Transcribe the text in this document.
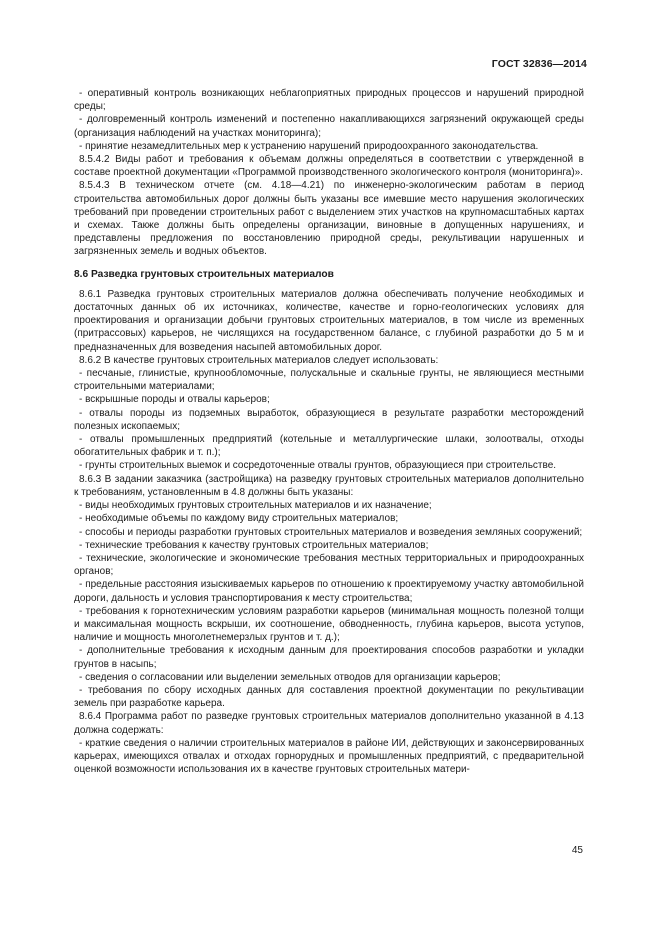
ГОСТ 32836—2014

- оперативный контроль возникающих неблагоприятных природных процессов и нарушений природной среды;

- долговременный контроль изменений и постепенно накапливающихся загрязнений окружающей среды (организация наблюдений на участках мониторинга);

- принятие незамедлительных мер к устранению нарушений природоохранного законодательства.

8.5.4.2 Виды работ и требования к объемам должны определяться в соответствии с утвержденной в составе проектной документации «Программой производственного экологического контроля (мониторинга)».

8.5.4.3 В техническом отчете (см. 4.18—4.21) по инженерно-экологическим работам в период строительства автомобильных дорог должны быть указаны все имевшие место нарушения экологических требований при проведении строительных работ с выделением этих участков на крупномасштабных картах и схемах. Также должны быть определены организации, виновные в допущенных нарушениях, и представлены предложения по восстановлению природной среды, рекультивации нарушенных и загрязненных земель и водных объектов.

8.6 Разведка грунтовых строительных материалов

8.6.1 Разведка грунтовых строительных материалов должна обеспечивать получение необходимых и достаточных данных об их источниках, количестве, качестве и горно-геологических условиях для проектирования и организации добычи грунтовых строительных материалов, в том числе из временных (притрассовых) карьеров, не числящихся на государственном балансе, с глубиной разработки до 5 м и предназначенных для возведения насыпей автомобильных дорог.

8.6.2 В качестве грунтовых строительных материалов следует использовать:

- песчаные, глинистые, крупнообломочные, полускальные и скальные грунты, не являющиеся местными строительными материалами;

- вскрышные породы и отвалы карьеров;

- отвалы породы из подземных выработок, образующиеся в результате разработки месторождений полезных ископаемых;

- отвалы промышленных предприятий (котельные и металлургические шлаки, золоотвалы, отходы обогатительных фабрик и т. п.);

- грунты строительных выемок и сосредоточенные отвалы грунтов, образующиеся при строительстве.

8.6.3 В задании заказчика (застройщика) на разведку грунтовых строительных материалов дополнительно к требованиям, установленным в 4.8 должны быть указаны:

- виды необходимых грунтовых строительных материалов и их назначение;

- необходимые объемы по каждому виду строительных материалов;

- способы и периоды разработки грунтовых строительных материалов и возведения земляных сооружений;

- технические требования к качеству грунтовых строительных материалов;

- технические, экологические и экономические требования местных территориальных и природоохранных органов;

- предельные расстояния изыскиваемых карьеров по отношению к проектируемому участку автомобильной дороги, дальность и условия транспортирования к месту строительства;

- требования к горнотехническим условиям разработки карьеров (минимальная мощность полезной толщи и максимальная мощность вскрыши, их соотношение, обводненность, глубина карьеров, высота уступов, наличие и мощность многолетнемерзлых грунтов и т. д.);

- дополнительные требования к исходным данным для проектирования способов разработки и укладки грунтов в насыпь;

- сведения о согласовании или выделении земельных отводов для организации карьеров;

- требования по сбору исходных данных для составления проектной документации по рекультивации земель при разработке карьера.

8.6.4 Программа работ по разведке грунтовых строительных материалов дополнительно указанной в 4.13 должна содержать:

- краткие сведения о наличии строительных материалов в районе ИИ, действующих и законсервированных карьерах, имеющихся отвалах и отходах горнорудных и промышленных предприятий, с предварительной оценкой возможности использования их в качестве грунтовых строительных матери-

45
